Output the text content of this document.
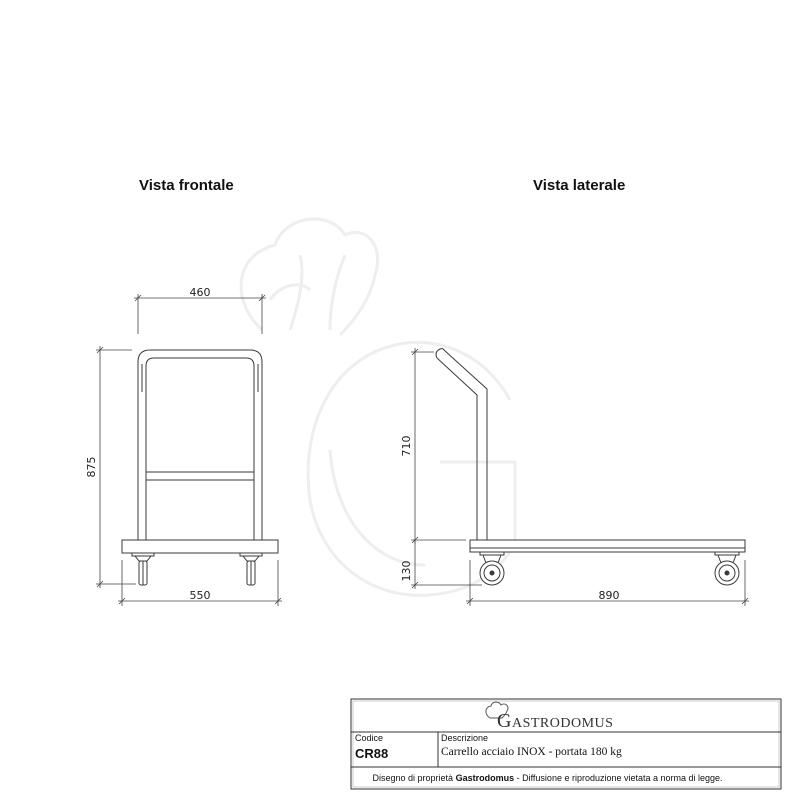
Vista frontale	Vista laterale
460
875
550
710
130
890
GASTRODOMUS
Codice
CR88
Descrizione
Carrello acciaio INOX - portata 180 kg
Disegno di proprietà Gastrodomus - Diffusione e riproduzione vietata a norma di legge.
